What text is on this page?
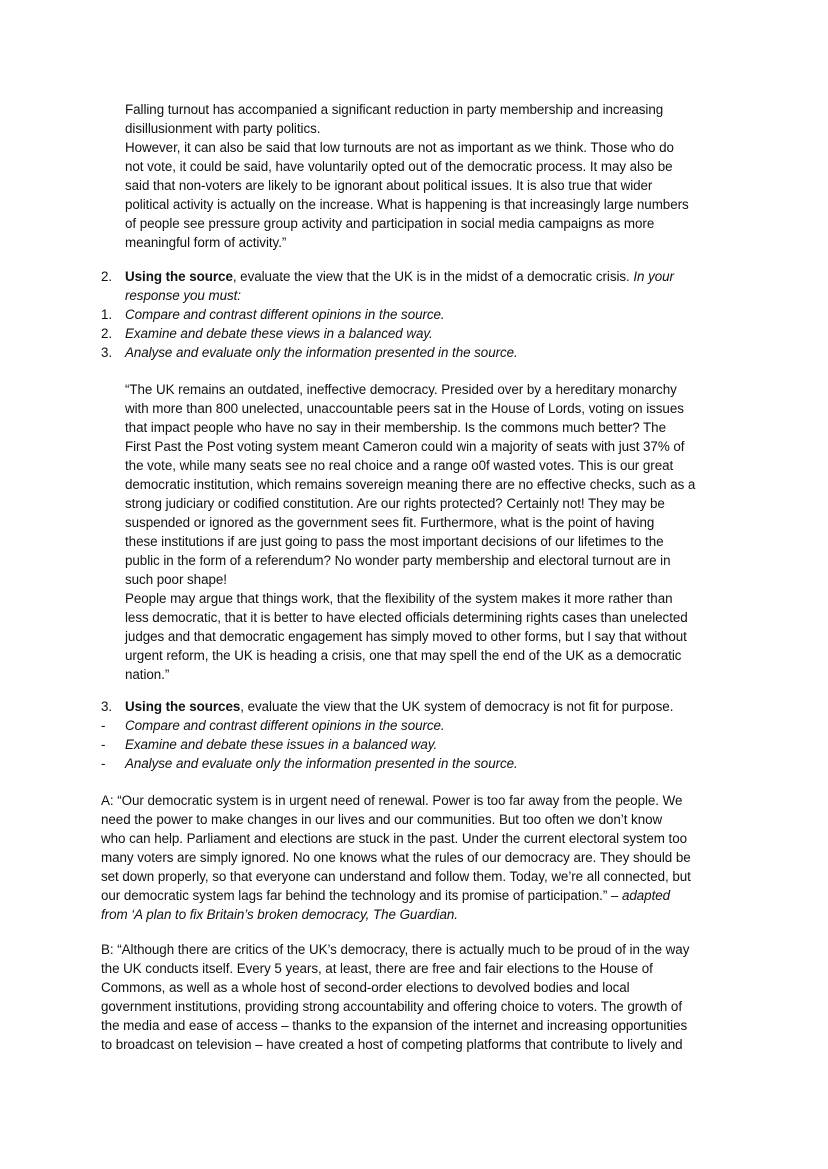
Falling turnout has accompanied a significant reduction in party membership and increasing

disillusionment with party politics.

However, it can also be said that low turnouts are not as important as we think. Those who do

not vote, it could be said, have voluntarily opted out of the democratic process. It may also be

said that non-voters are likely to be ignorant about political issues. It is also true that wider

political activity is actually on the increase. What is happening is that increasingly large numbers

of people see pressure group activity and participation in social media campaigns as more

meaningful form of activity.”

2. Using the source, evaluate the view that the UK is in the midst of a democratic crisis. In your

response you must:

1. Compare and contrast different opinions in the source.
2. Examine and debate these views in a balanced way.
3. Analyse and evaluate only the information presented in the source.

“The UK remains an outdated, ineffective democracy. Presided over by a hereditary monarchy

with more than 800 unelected, unaccountable peers sat in the House of Lords, voting on issues

that impact people who have no say in their membership. Is the commons much better? The

First Past the Post voting system meant Cameron could win a majority of seats with just 37% of

the vote, while many seats see no real choice and a range o0f wasted votes. This is our great

democratic institution, which remains sovereign meaning there are no effective checks, such as a

strong judiciary or codified constitution. Are our rights protected? Certainly not! They may be

suspended or ignored as the government sees fit. Furthermore, what is the point of having

these institutions if are just going to pass the most important decisions of our lifetimes to the

public in the form of a referendum? No wonder party membership and electoral turnout are in

such poor shape!

People may argue that things work, that the flexibility of the system makes it more rather than

less democratic, that it is better to have elected officials determining rights cases than unelected

judges and that democratic engagement has simply moved to other forms, but I say that without

urgent reform, the UK is heading a crisis, one that may spell the end of the UK as a democratic

nation.”

3. Using the sources, evaluate the view that the UK system of democracy is not fit for purpose.
-	Compare and contrast different opinions in the source.
-	Examine and debate these issues in a balanced way.
-	Analyse and evaluate only the information presented in the source.

A: “Our democratic system is in urgent need of renewal. Power is too far away from the people. We

need the power to make changes in our lives and our communities. But too often we don’t know

who can help. Parliament and elections are stuck in the past. Under the current electoral system too

many voters are simply ignored. No one knows what the rules of our democracy are. They should be

set down properly, so that everyone can understand and follow them. Today, we’re all connected, but

our democratic system lags far behind the technology and its promise of participation.” – adapted

from ‘A plan to fix Britain’s broken democracy, The Guardian.

B: “Although there are critics of the UK’s democracy, there is actually much to be proud of in the way

the UK conducts itself. Every 5 years, at least, there are free and fair elections to the House of

Commons, as well as a whole host of second-order elections to devolved bodies and local

government institutions, providing strong accountability and offering choice to voters. The growth of

the media and ease of access – thanks to the expansion of the internet and increasing opportunities

to broadcast on television – have created a host of competing platforms that contribute to lively and
